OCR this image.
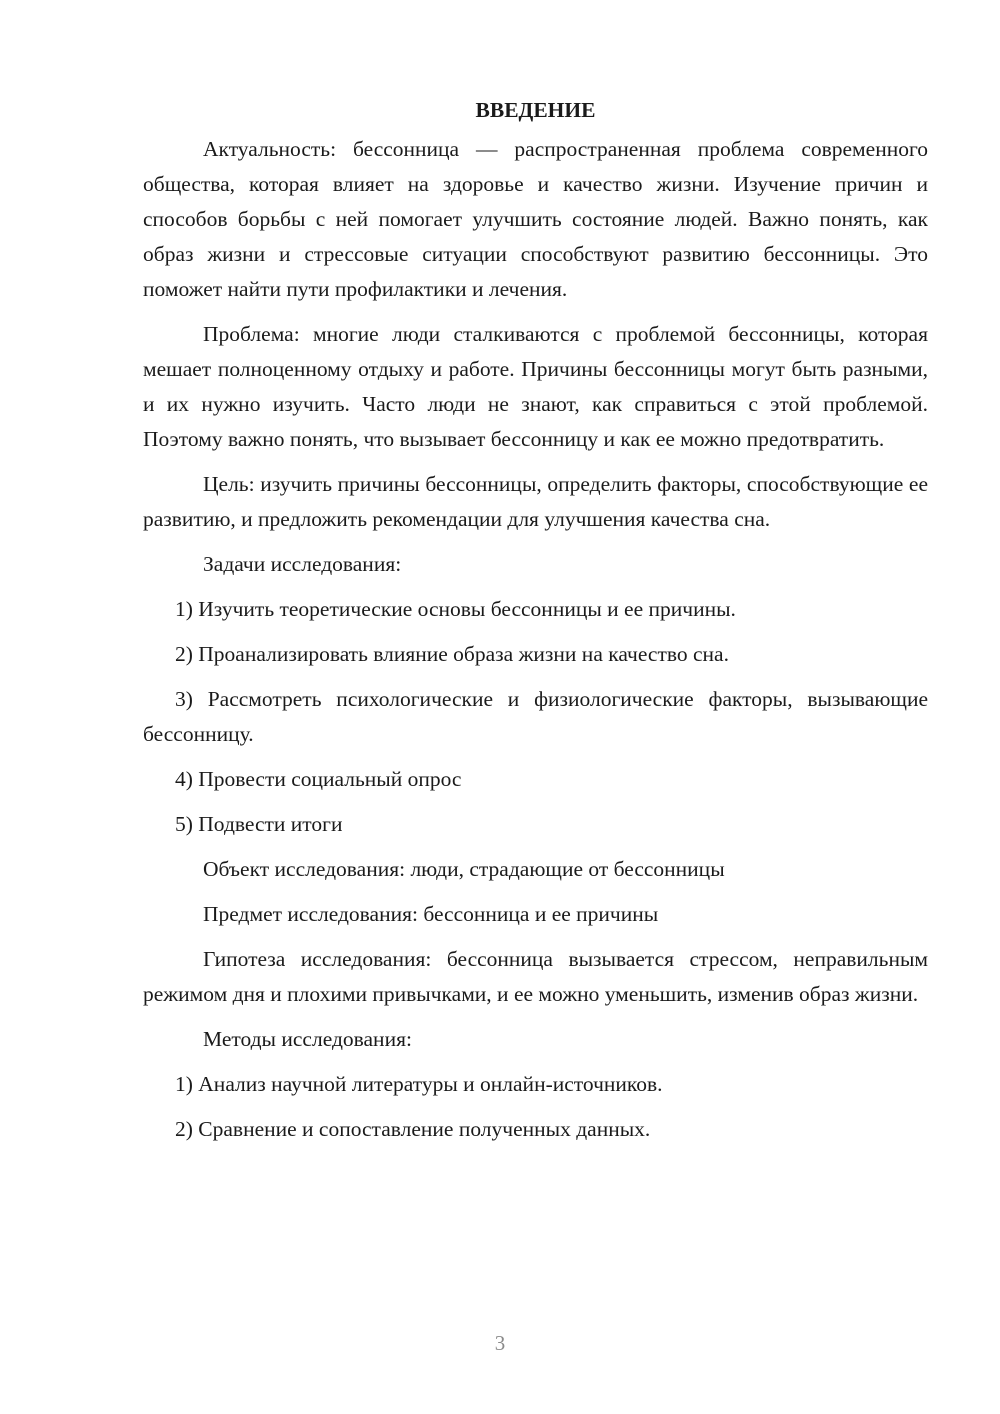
ВВЕДЕНИЕ

Актуальность: бессонница — распространенная проблема современного общества, которая влияет на здоровье и качество жизни. Изучение причин и способов борьбы с ней помогает улучшить состояние людей. Важно понять, как образ жизни и стрессовые ситуации способствуют развитию бессонницы. Это поможет найти пути профилактики и лечения.

Проблема: многие люди сталкиваются с проблемой бессонницы, которая мешает полноценному отдыху и работе. Причины бессонницы могут быть разными, и их нужно изучить. Часто люди не знают, как справиться с этой проблемой. Поэтому важно понять, что вызывает бессонницу и как ее можно предотвратить.

Цель: изучить причины бессонницы, определить факторы, способствующие ее развитию, и предложить рекомендации для улучшения качества сна.

Задачи исследования:

1) Изучить теоретические основы бессонницы и ее причины.

2) Проанализировать влияние образа жизни на качество сна.

3) Рассмотреть психологические и физиологические факторы, вызывающие бессонницу.

4) Провести социальный опрос

5) Подвести итоги

Объект исследования: люди, страдающие от бессонницы

Предмет исследования: бессонница и ее причины

Гипотеза исследования: бессонница вызывается стрессом, неправильным режимом дня и плохими привычками, и ее можно уменьшить, изменив образ жизни.

Методы исследования:

1) Анализ научной литературы и онлайн-источников.

2) Сравнение и сопоставление полученных данных.

3
